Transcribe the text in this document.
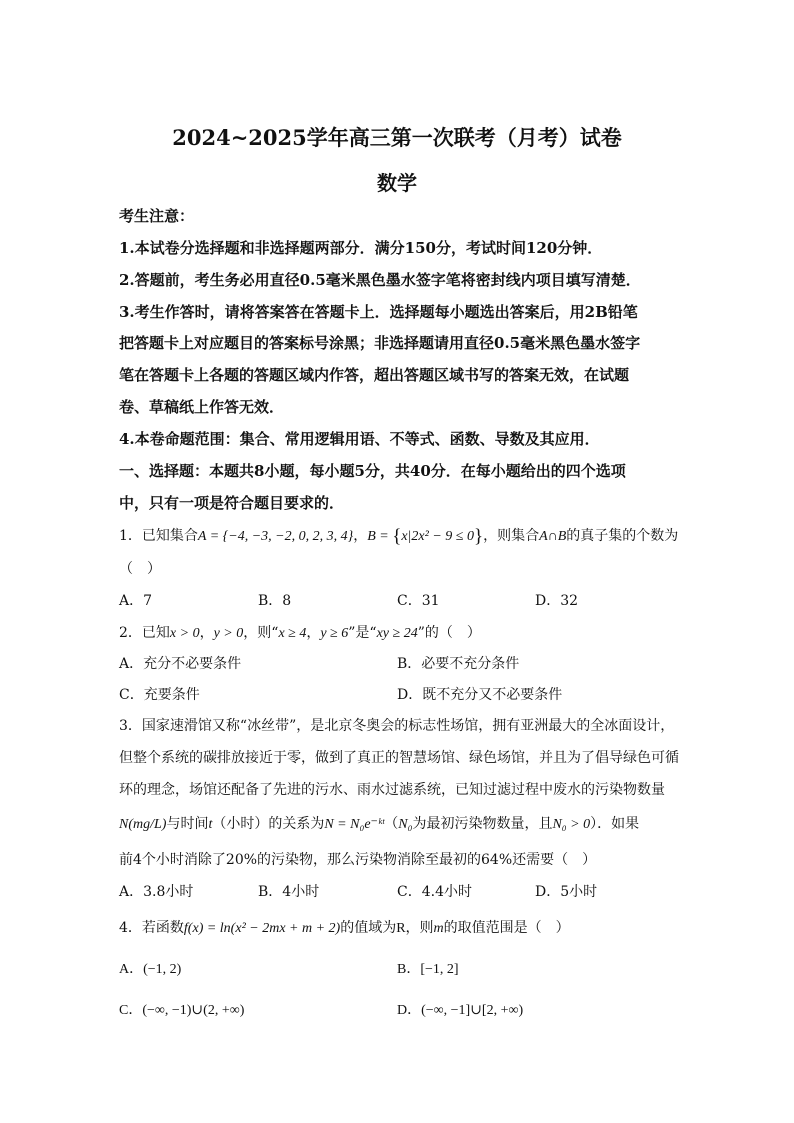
2024~2025学年高三第一次联考（月考）试卷
数学
考生注意：
1.本试卷分选择题和非选择题两部分．满分150分，考试时间120分钟．
2.答题前，考生务必用直径0.5毫米黑色墨水签字笔将密封线内项目填写清楚．
3.考生作答时，请将答案答在答题卡上．选择题每小题选出答案后，用2B铅笔
把答题卡上对应题目的答案标号涂黑；非选择题请用直径0.5毫米黑色墨水签字
笔在答题卡上各题的答题区域内作答，超出答题区域书写的答案无效，在试题
卷、草稿纸上作答无效．
4.本卷命题范围：集合、常用逻辑用语、不等式、函数、导数及其应用．
一、选择题：本题共8小题，每小题5分，共40分．在每小题给出的四个选项
中，只有一项是符合题目要求的．
1．已知集合A = {−4, −3, −2, 0, 2, 3, 4}，B = {x|2x² − 9 ≤ 0}，则集合A∩B的真子集的个数为
（　）
A．7	B．8	C．31	D．32
2．已知x > 0，y > 0，则“x ≥ 4，y ≥ 6”是“xy ≥ 24”的（　）
A．充分不必要条件	B．必要不充分条件
C．充要条件	D．既不充分又不必要条件
3．国家速滑馆又称“冰丝带”，是北京冬奥会的标志性场馆，拥有亚洲最大的全冰面设计，
但整个系统的碳排放接近于零，做到了真正的智慧场馆、绿色场馆，并且为了倡导绿色可循
环的理念，场馆还配备了先进的污水、雨水过滤系统，已知过滤过程中废水的污染物数量
N(mg/L)与时间t（小时）的关系为N = N₀e⁻ᵏᵗ（N₀为最初污染物数量，且N₀ > 0）．如果
前4个小时消除了20%的污染物，那么污染物消除至最初的64%还需要（　）
A．3.8小时	B．4小时	C．4.4小时	D．5小时
4．若函数f(x) = ln(x² − 2mx + m + 2)的值域为R，则m的取值范围是（　）
A．(−1, 2)	B．[−1, 2]
C．(−∞, −1)∪(2, +∞)	D．(−∞, −1]∪[2, +∞)
